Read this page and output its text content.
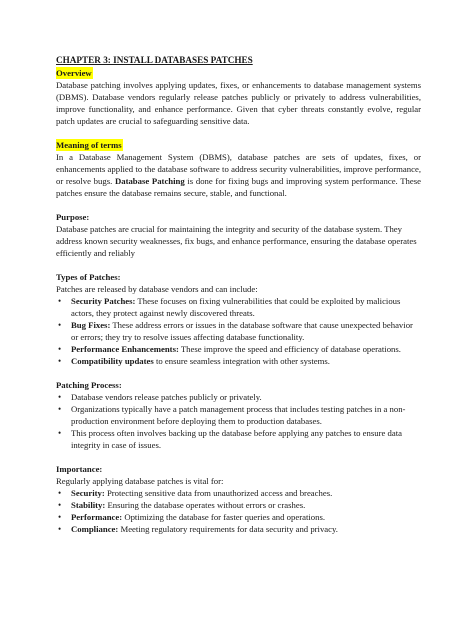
CHAPTER 3: INSTALL DATABASES PATCHES
Overview
Database patching involves applying updates, fixes, or enhancements to database management systems (DBMS). Database vendors regularly release patches publicly or privately to address vulnerabilities, improve functionality, and enhance performance. Given that cyber threats constantly evolve, regular patch updates are crucial to safeguarding sensitive data.
Meaning of terms
In a Database Management System (DBMS), database patches are sets of updates, fixes, or enhancements applied to the database software to address security vulnerabilities, improve performance, or resolve bugs. Database Patching is done for fixing bugs and improving system performance. These patches ensure the database remains secure, stable, and functional.
Purpose:
Database patches are crucial for maintaining the integrity and security of the database system. They address known security weaknesses, fix bugs, and enhance performance, ensuring the database operates efficiently and reliably
Types of Patches:
Patches are released by database vendors and can include:
• Security Patches: These focuses on fixing vulnerabilities that could be exploited by malicious actors, they protect against newly discovered threats.
• Bug Fixes: These address errors or issues in the database software that cause unexpected behavior or errors; they try to resolve issues affecting database functionality.
• Performance Enhancements: These improve the speed and efficiency of database operations.
• Compatibility updates to ensure seamless integration with other systems.
Patching Process:
• Database vendors release patches publicly or privately.
• Organizations typically have a patch management process that includes testing patches in a non-production environment before deploying them to production databases.
• This process often involves backing up the database before applying any patches to ensure data integrity in case of issues.
Importance:
Regularly applying database patches is vital for:
• Security: Protecting sensitive data from unauthorized access and breaches.
• Stability: Ensuring the database operates without errors or crashes.
• Performance: Optimizing the database for faster queries and operations.
• Compliance: Meeting regulatory requirements for data security and privacy.
